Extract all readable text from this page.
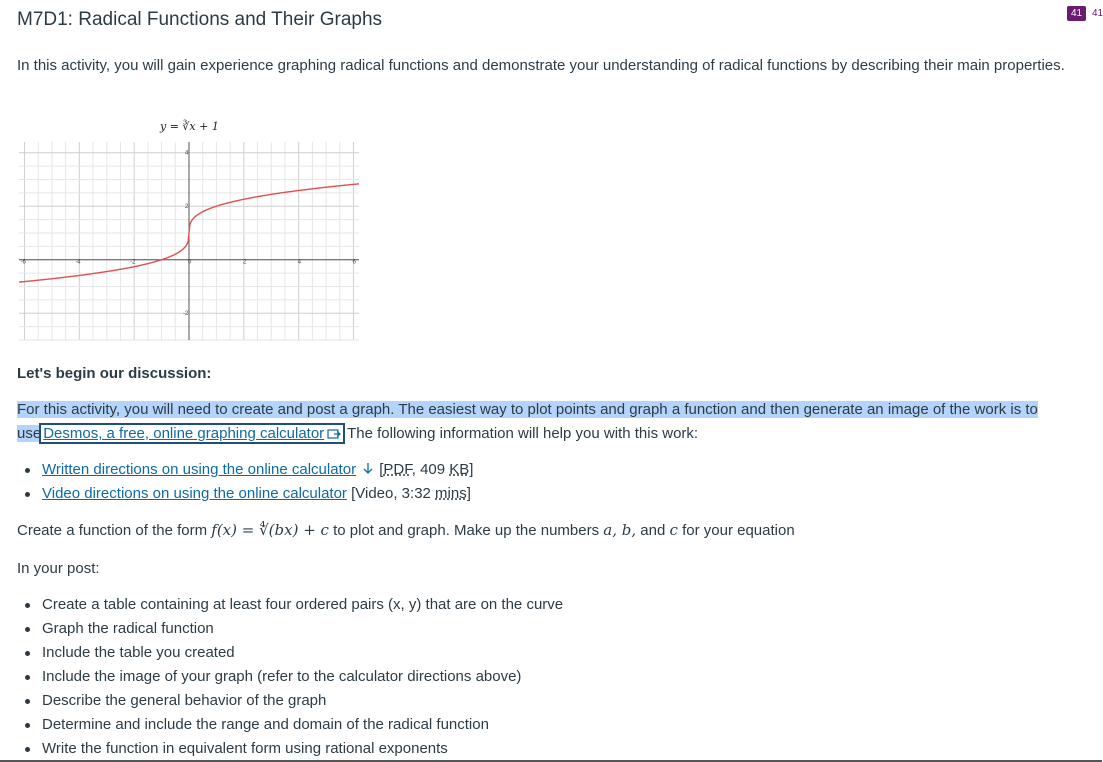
M7D1: Radical Functions and Their Graphs

In this activity, you will gain experience graphing radical functions and demonstrate your understanding of radical functions by describing their main properties.

y = ∛x + 1
-6	-4	-2	0	2	4	6
4
2
-2

Let's begin our discussion:

For this activity, you will need to create and post a graph. The easiest way to plot points and graph a function and then generate an image of the work is to use Desmos, a free, online graphing calculator The following information will help you with this work:

Written directions on using the online calculator [PDF, 409 KB]
Video directions on using the online calculator [Video, 3:32 mins]

Create a function of the form f(x) = ∜(bx) + c to plot and graph. Make up the numbers a, b, and c for your equation

In your post:

Create a table containing at least four ordered pairs (x, y) that are on the curve
Graph the radical function
Include the table you created
Include the image of your graph (refer to the calculator directions above)
Describe the general behavior of the graph
Determine and include the range and domain of the radical function
Write the function in equivalent form using rational exponents
41 41
